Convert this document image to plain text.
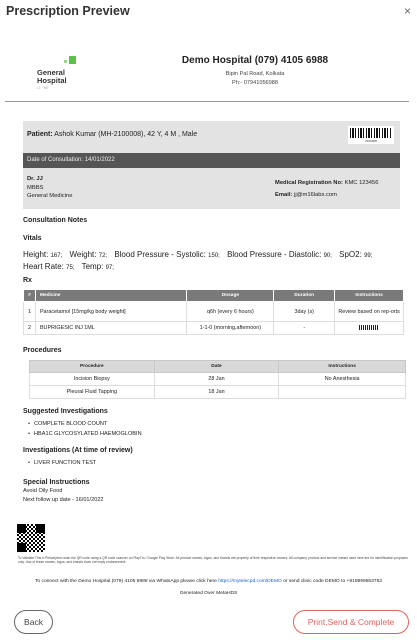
Prescription Preview	×
General
Hospital
LT · NE
Demo Hospital (079) 4105 6988
Bipin Pal Road, Kolkata
Ph:- 07941056988
Patient: Ashok Kumar (MH-2100008), 42 Y, 4 M , Male
2100008
Date of Consultation: 14/01/2022
Dr. JJ
MBBS
General Medicine
Medical Registration No: KMC 123456
Email: jj@m16labs.com
Consultation Notes
Vitals
Height: 167; Weight: 72; Blood Pressure - Systolic: 150; Blood Pressure - Diastolic: 90; SpO2: 99;
Heart Rate: 75; Temp: 97;
Rx
#	Medicine	Dosage	Duration	Instructions
1	Paracetamol [15mg/kg body weight]	q6h (every 6 hours)	3day (s)	Review based on rep-orts
2	BUPRIGESIC INJ 1ML	1-1-0 (morning,afternoon)	-	
Procedures
Procedure	Date	Instructions
Incision Biopsy	28 Jan	No Anesthesia
Pleural Fluid Tapping	18 Jan	
Suggested Investigations
• COMPLETE BLOOD COUNT
• HBA1C GLYCOSYLATED HAEMOGLOBIN
Investigations (At time of review)
• LIVER FUNCTION TEST
Special Instructions
Avoid Oily Food
Next follow up date - 16/01/2022
To Validate This e-Prescription scan the QR code using a QR code scanner on PlayTm / Google Play Store. All product names, logos, and brands are property of their respective owners. All company, product and service names used here are for identification purposes only. Use of these names, logos, and brands does not imply endorsement.
To connect with the Demo Hospital (079) 4105 6988 via WhatsApp please click here https://mytelecpd.com/DEMO or send clinic code DEMO to +918999563753
Generated Over MetaHDS
Back	Print,Send & Complete
